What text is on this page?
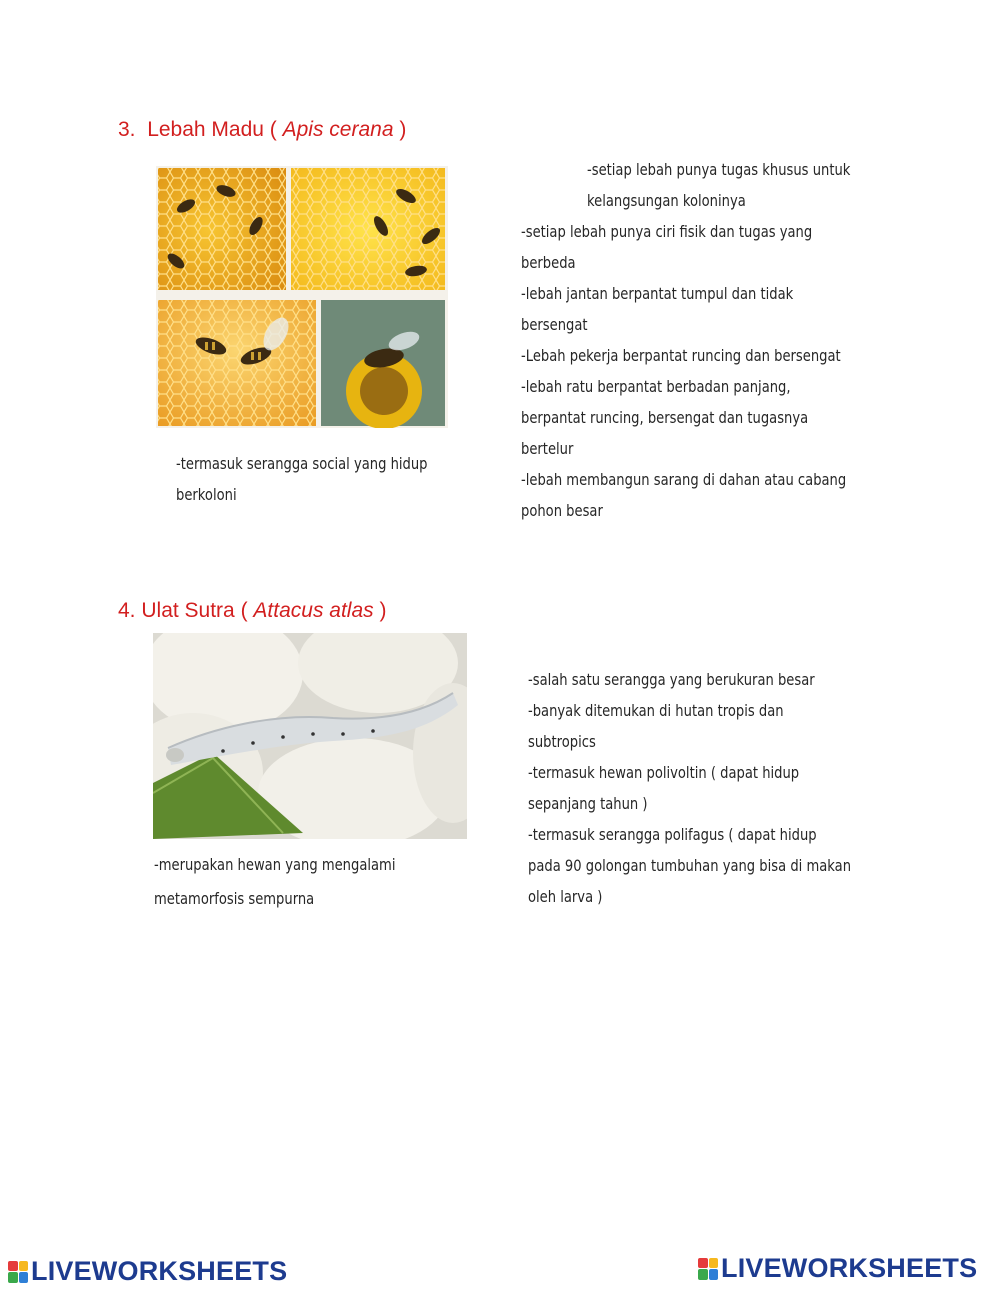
3. Lebah Madu ( Apis cerana )
-termasuk serangga social yang hidup
berkoloni
-setiap lebah punya tugas khusus untuk
kelangsungan koloninya
-setiap lebah punya ciri fisik dan tugas yang
berbeda
-lebah jantan berpantat tumpul dan tidak
bersengat
-Lebah pekerja berpantat runcing dan bersengat
-lebah ratu berpantat berbadan panjang,
berpantat runcing, bersengat dan tugasnya
bertelur
-lebah membangun sarang di dahan atau cabang
pohon besar
4. Ulat Sutra ( Attacus atlas )
-merupakan hewan yang mengalami
metamorfosis sempurna
-salah satu serangga yang berukuran besar
-banyak ditemukan di hutan tropis dan
subtropics
-termasuk hewan polivoltin ( dapat hidup
sepanjang tahun )
-termasuk serangga polifagus ( dapat hidup
pada 90 golongan tumbuhan yang bisa di makan
oleh larva )
LIVEWORKSHEETS	LIVEWORKSHEETS
